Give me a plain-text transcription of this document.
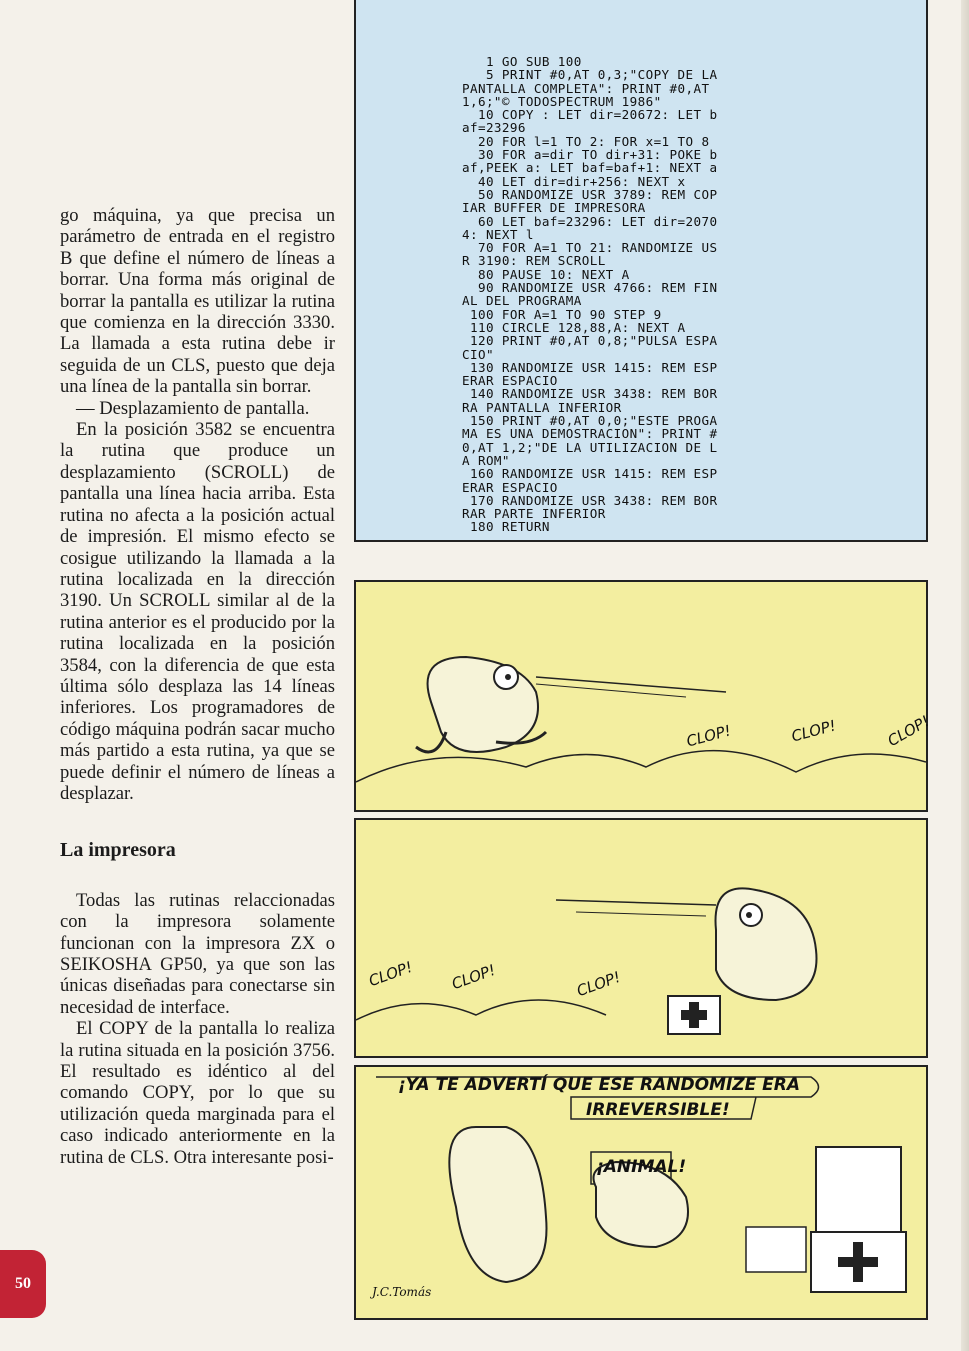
go máquina, ya que precisa un parámetro de entrada en el registro B que define el número de líneas a borrar. Una forma más original de borrar la pantalla es utilizar la rutina que comienza en la dirección 3330. La llamada a esta rutina debe ir seguida de un CLS, puesto que deja una línea de la pantalla sin borrar.

— Desplazamiento de pantalla.

En la posición 3582 se encuentra la rutina que produce un desplazamiento (SCROLL) de pantalla una línea hacia arriba. Esta rutina no afecta a la posición actual de impresión. El mismo efecto se cosigue utilizando la llamada a la rutina localizada en la dirección 3190. Un SCROLL similar al de la rutina anterior es el producido por la rutina localizada en la posición 3584, con la diferencia de que esta última sólo desplaza las 14 líneas inferiores. Los programadores de código máquina podrán sacar mucho más partido a esta rutina, ya que se puede definir el número de líneas a desplazar.

La impresora

Todas las rutinas relaccionadas con la impresora solamente funcionan con la impresora ZX o SEIKOSHA GP50, ya que son las únicas diseñadas para conectarse sin necesidad de interface.

El COPY de la pantalla lo realiza la rutina situada en la posición 3756. El resultado es idéntico al del comando COPY, por lo que su utilización queda marginada para el caso indicado anteriormente en la rutina de CLS. Otra interesante posi-

1 GO SUB 100
5 PRINT #0,AT 0,3;"COPY DE LA
PANTALLA COMPLETA": PRINT #0,AT
1,6;"© TODOSPECTRUM 1986"
10 COPY : LET dir=20672: LET b
af=23296
20 FOR l=1 TO 2: FOR x=1 TO 8
30 FOR a=dir TO dir+31: POKE b
af,PEEK a: LET baf=baf+1: NEXT a
40 LET dir=dir+256: NEXT x
50 RANDOMIZE USR 3789: REM COP
IAR BUFFER DE IMPRESORA
60 LET baf=23296: LET dir=2070
4: NEXT l
70 FOR A=1 TO 21: RANDOMIZE US
R 3190: REM SCROLL
80 PAUSE 10: NEXT A
90 RANDOMIZE USR 4766: REM FIN
AL DEL PROGRAMA
100 FOR A=1 TO 90 STEP 9
110 CIRCLE 128,88,A: NEXT A
120 PRINT #0,AT 0,8;"PULSA ESPA
CIO"
130 RANDOMIZE USR 1415: REM ESP
ERAR ESPACIO
140 RANDOMIZE USR 3438: REM BOR
RA PANTALLA INFERIOR
150 PRINT #0,AT 0,0;"ESTE PROGA
MA ES UNA DEMOSTRACION": PRINT #
0,AT 1,2;"DE LA UTILIZACION DE L
A ROM"
160 RANDOMIZE USR 1415: REM ESP
ERAR ESPACIO
170 RANDOMIZE USR 3438: REM BOR
RAR PARTE INFERIOR
180 RETURN
CLOP!	CLOP!	CLOP!
CLOP! CLOP!	CLOP!
¡YA TE ADVERTÍ QUE ESE RANDOMIZE ERA
IRREVERSIBLE!
¡ANIMAL!
J.C.Tomás
50
